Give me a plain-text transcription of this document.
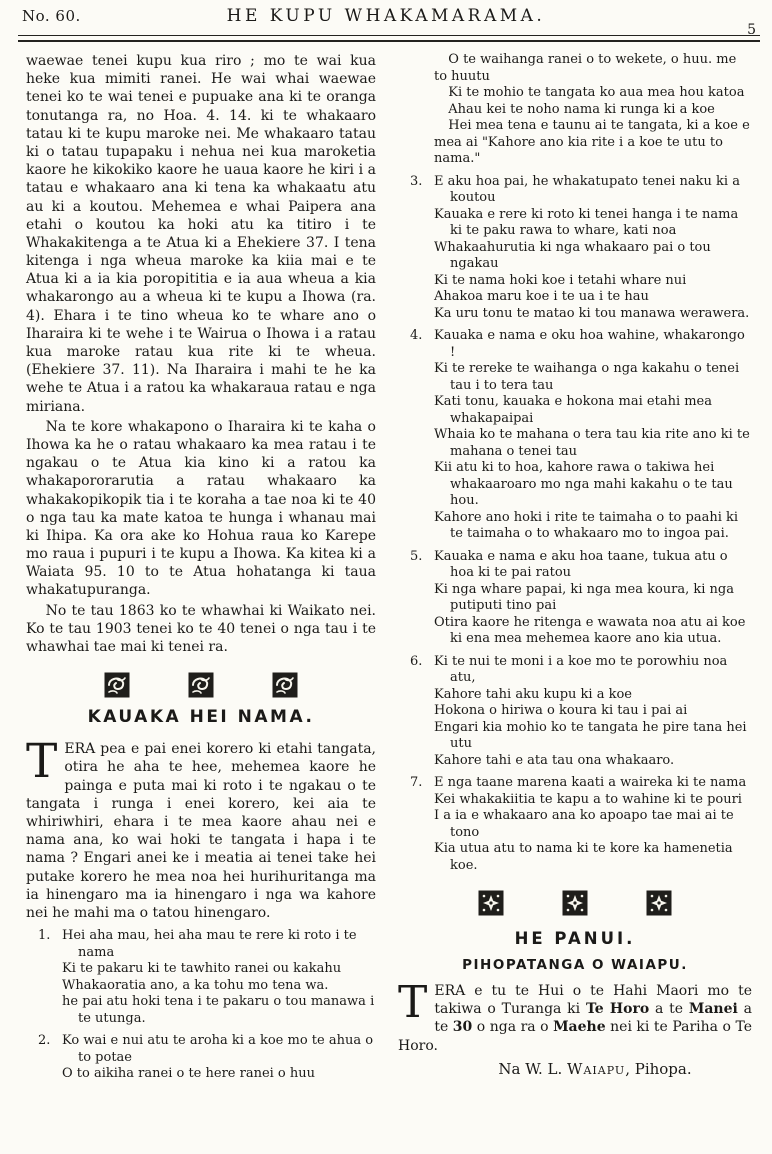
No. 60.	HE KUPU WHAKAMARAMA.
5

waewae tenei kupu kua riro ; mo te wai kua heke kua mimiti ranei. He wai whai waewae tenei ko te wai tenei e pupuake ana ki te oranga tonutanga ra, no Hoa. 4. 14. ki te whakaaro tatau ki te kupu maroke nei. Me whakaaro tatau ki o tatau tupapaku i nehua nei kua maroketia kaore he kikokiko kaore he uaua kaore he kiri i a tatau e whakaaro ana ki tena ka whakaatu atu au ki a koutou. Mehemea e whai Paipera ana etahi o koutou ka hoki atu ka titiro i te Whakakitenga a te Atua ki a Ehekiere 37. I tena kitenga i nga wheua maroke ka kiia mai e te Atua ki a ia kia poropititia e ia aua wheua a kia whakarongo au a wheua ki te kupu a Ihowa (ra. 4). Ehara i te tino wheua ko te whare ano o Iharaira ki te wehe i te Wairua o Ihowa i a ratau kua maroke ratau kua rite ki te wheua. (Ehekiere 37. 11). Na Iharaira i mahi te he ka wehe te Atua i a ratou ka whakaraua ratau e nga miriana.

Na te kore whakapono o Iharaira ki te kaha o Ihowa ka he o ratau whakaaro ka mea ratau i te ngakau o te Atua kia kino ki a ratou ka whakapororarutia a ratau whakaaro ka whakakopikopik tia i te koraha a tae noa ki te 40 o nga tau ka mate katoa te hunga i whanau mai ki Ihipa. Ka ora ake ko Hohua raua ko Karepe mo raua i pupuri i te kupu a Ihowa. Ka kitea ki a Waiata 95. 10 to te Atua hohatanga ki taua whakatupuranga.

No te tau 1863 ko te whawhai ki Waikato nei. Ko te tau 1903 tenei ko te 40 tenei o nga tau i te whawhai tae mai ki tenei ra.

KAUAKA HEI NAMA.

TERA pea e pai enei korero ki etahi tangata, otira he aha te hee, mehemea kaore he painga e puta mai ki roto i te ngakau o te tangata i runga i enei korero, kei aia te whiriwhiri, ehara i te mea kaore ahau nei e nama ana, ko wai hoki te tangata i hapa i te nama ? Engari anei ke i meatia ai tenei take hei putake korero he mea noa hei hurihuritanga ma ia hinengaro ma ia hinengaro i nga wa kahore nei he mahi ma o tatou hinengaro.

1. Hei aha mau, hei aha mau te rere ki roto i te nama
Ki te pakaru ki te tawhito ranei ou kakahu
Whakaoratia ano, a ka tohu mo tena wa.
he pai atu hoki tena i te pakaru o tou manawa i te utunga.
2. Ko wai e nui atu te aroha ki a koe mo te ahua o to potae
O to aikiha ranei o te here ranei o huu
O te waihanga ranei o to wekete, o huu. me to huutu
Ki te mohio te tangata ko aua mea hou katoa
Ahau kei te noho nama ki runga ki a koe
Hei mea tena e taunu ai te tangata, ki a koe e mea ai "Kahore ano kia rite i a koe te utu to nama."
3. E aku hoa pai, he whakatupato tenei naku ki a koutou
Kauaka e rere ki roto ki tenei hanga i te nama ki te paku rawa to whare, kati noa
Whakaahurutia ki nga whakaaro pai o tou ngakau
Ki te nama hoki koe i tetahi whare nui
Ahakoa maru koe i te ua i te hau
Ka uru tonu te matao ki tou manawa werawera.
4. Kauaka e nama e oku hoa wahine, whakarongo !
Ki te rereke te waihanga o nga kakahu o tenei tau i to tera tau
Kati tonu, kauaka e hokona mai etahi mea whakapaipai
Whaia ko te mahana o tera tau kia rite ano ki te mahana o tenei tau
Kii atu ki to hoa, kahore rawa o takiwa hei whakaaroaro mo nga mahi kakahu o te tau hou.
Kahore ano hoki i rite te taimaha o to paahi ki te taimaha o to whakaaro mo to ingoa pai.
5. Kauaka e nama e aku hoa taane, tukua atu o hoa ki te pai ratou
Ki nga whare papai, ki nga mea koura, ki nga putiputi tino pai
Otira kaore he ritenga e wawata noa atu ai koe ki ena mea mehemea kaore ano kia utua.
6. Ki te nui te moni i a koe mo te porowhiu noa atu,
Kahore tahi aku kupu ki a koe
Hokona o hiriwa o koura ki tau i pai ai
Engari kia mohio ko te tangata he pire tana hei utu
Kahore tahi e ata tau ona whakaaro.
7. E nga taane marena kaati a waireka ki te nama
Kei whakakiitia te kapu a to wahine ki te pouri
I a ia e whakaaro ana ko apoapo tae mai ai te tono
Kia utua atu to nama ki te kore ka hamenetia koe.
HE PANUI.
PIHOPATANGA O WAIAPU.

TERA e tu te Hui o te Hahi Maori mo te takiwa o Turanga ki Te Horo a te Manei a te 30 o nga ra o Maehe nei ki te Pariha o Te Horo.

Na W. L. Waiapu, Pihopa.
